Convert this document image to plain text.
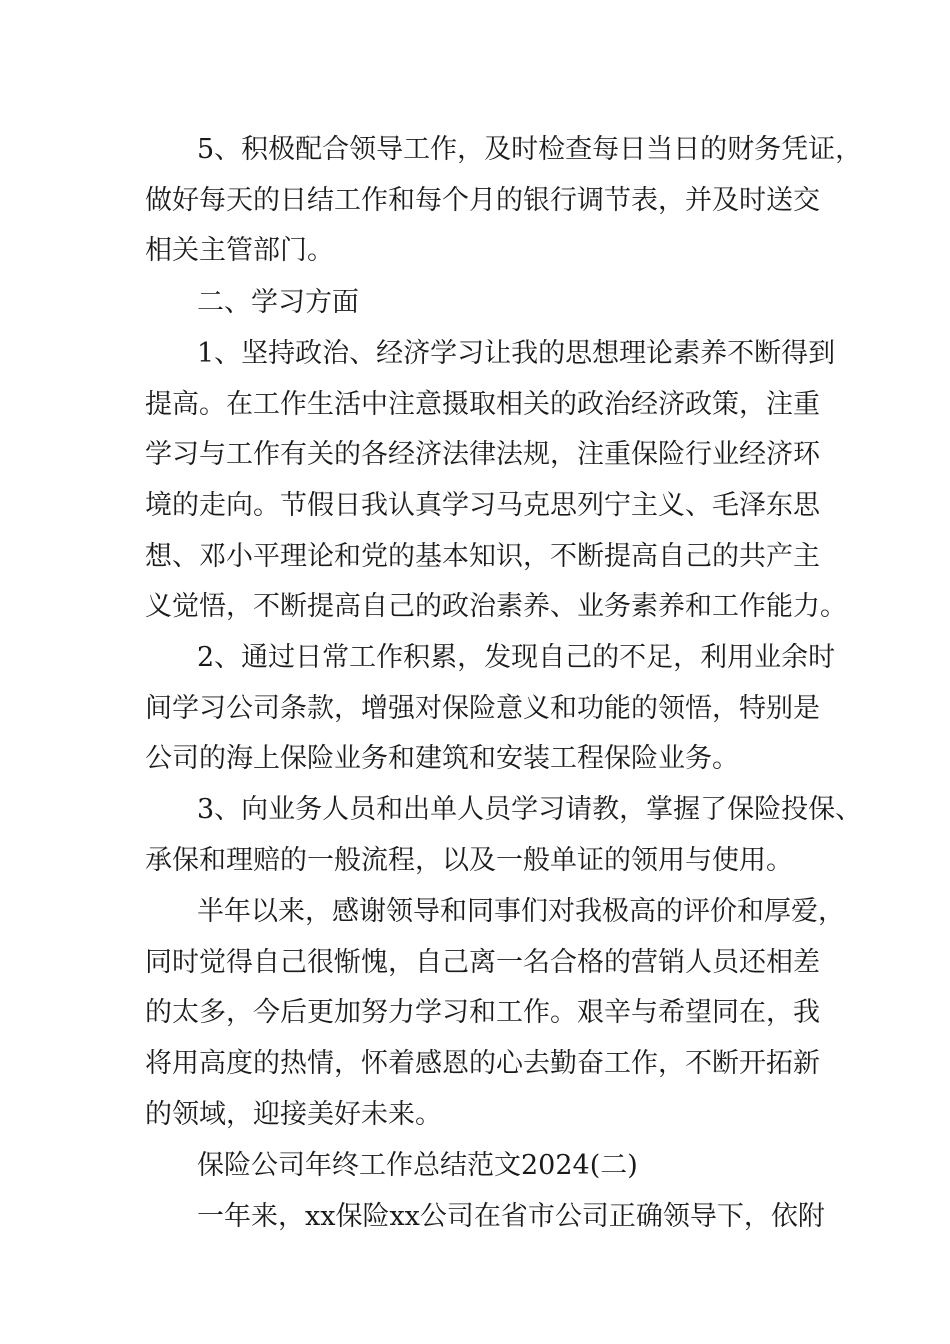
5、积极配合领导工作，及时检查每日当日的财务凭证，
做好每天的日结工作和每个月的银行调节表，并及时送交
相关主管部门。
二、学习方面
1、坚持政治、经济学习让我的思想理论素养不断得到
提高。在工作生活中注意摄取相关的政治经济政策，注重
学习与工作有关的各经济法律法规，注重保险行业经济环
境的走向。节假日我认真学习马克思列宁主义、毛泽东思
想、邓小平理论和党的基本知识，不断提高自己的共产主
义觉悟，不断提高自己的政治素养、业务素养和工作能力。
2、通过日常工作积累，发现自己的不足，利用业余时
间学习公司条款，增强对保险意义和功能的领悟，特别是
公司的海上保险业务和建筑和安装工程保险业务。
3、向业务人员和出单人员学习请教，掌握了保险投保、
承保和理赔的一般流程，以及一般单证的领用与使用。
半年以来，感谢领导和同事们对我极高的评价和厚爱，
同时觉得自己很惭愧，自己离一名合格的营销人员还相差
的太多，今后更加努力学习和工作。艰辛与希望同在，我
将用高度的热情，怀着感恩的心去勤奋工作，不断开拓新
的领域，迎接美好未来。
保险公司年终工作总结范文2024(二)
一年来，xx保险xx公司在省市公司正确领导下，依附
